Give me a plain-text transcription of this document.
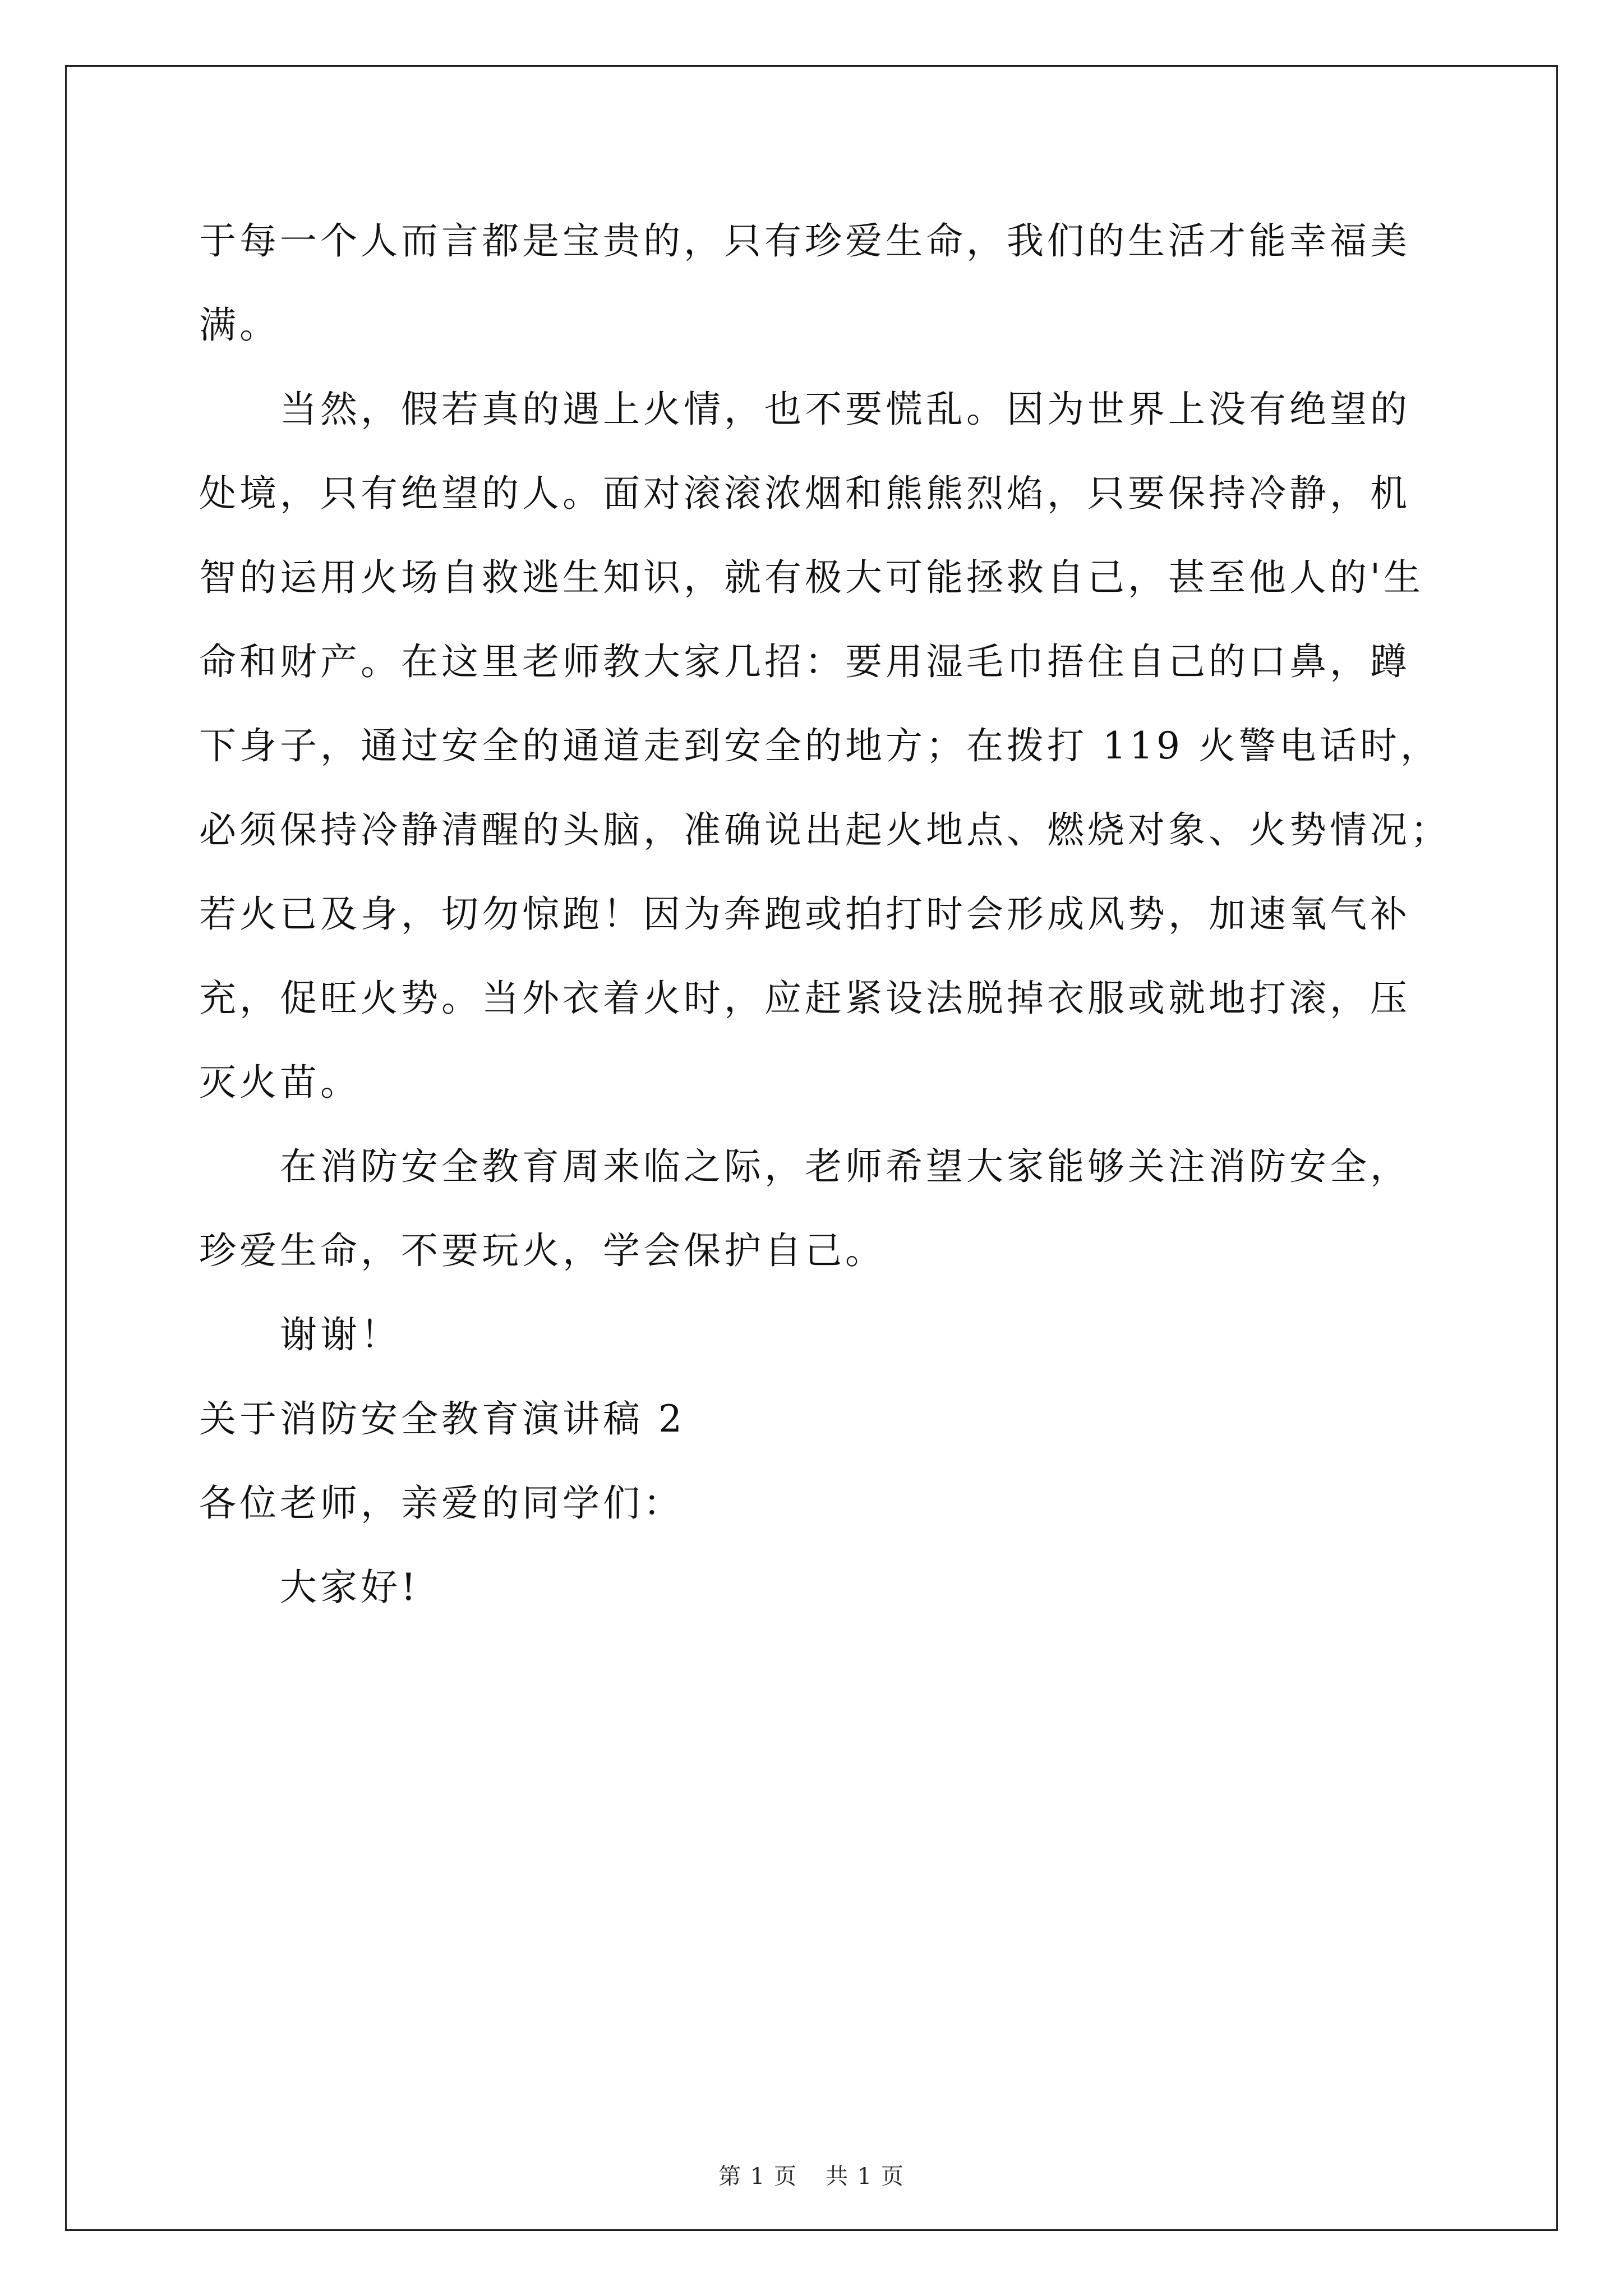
于每一个人而言都是宝贵的，只有珍爱生命，我们的生活才能幸福美

满。

当然，假若真的遇上火情，也不要慌乱。因为世界上没有绝望的

处境，只有绝望的人。面对滚滚浓烟和熊熊烈焰，只要保持冷静，机

智的运用火场自救逃生知识，就有极大可能拯救自己，甚至他人的'生

命和财产。在这里老师教大家几招：要用湿毛巾捂住自己的口鼻，蹲

下身子，通过安全的通道走到安全的地方；在拨打 119 火警电话时，

必须保持冷静清醒的头脑，准确说出起火地点、燃烧对象、火势情况；

若火已及身，切勿惊跑！因为奔跑或拍打时会形成风势，加速氧气补

充，促旺火势。当外衣着火时，应赶紧设法脱掉衣服或就地打滚，压

灭火苗。

在消防安全教育周来临之际，老师希望大家能够关注消防安全，

珍爱生命，不要玩火，学会保护自己。

谢谢！

关于消防安全教育演讲稿 2

各位老师，亲爱的同学们：

大家好!

第 1 页 共 1 页
